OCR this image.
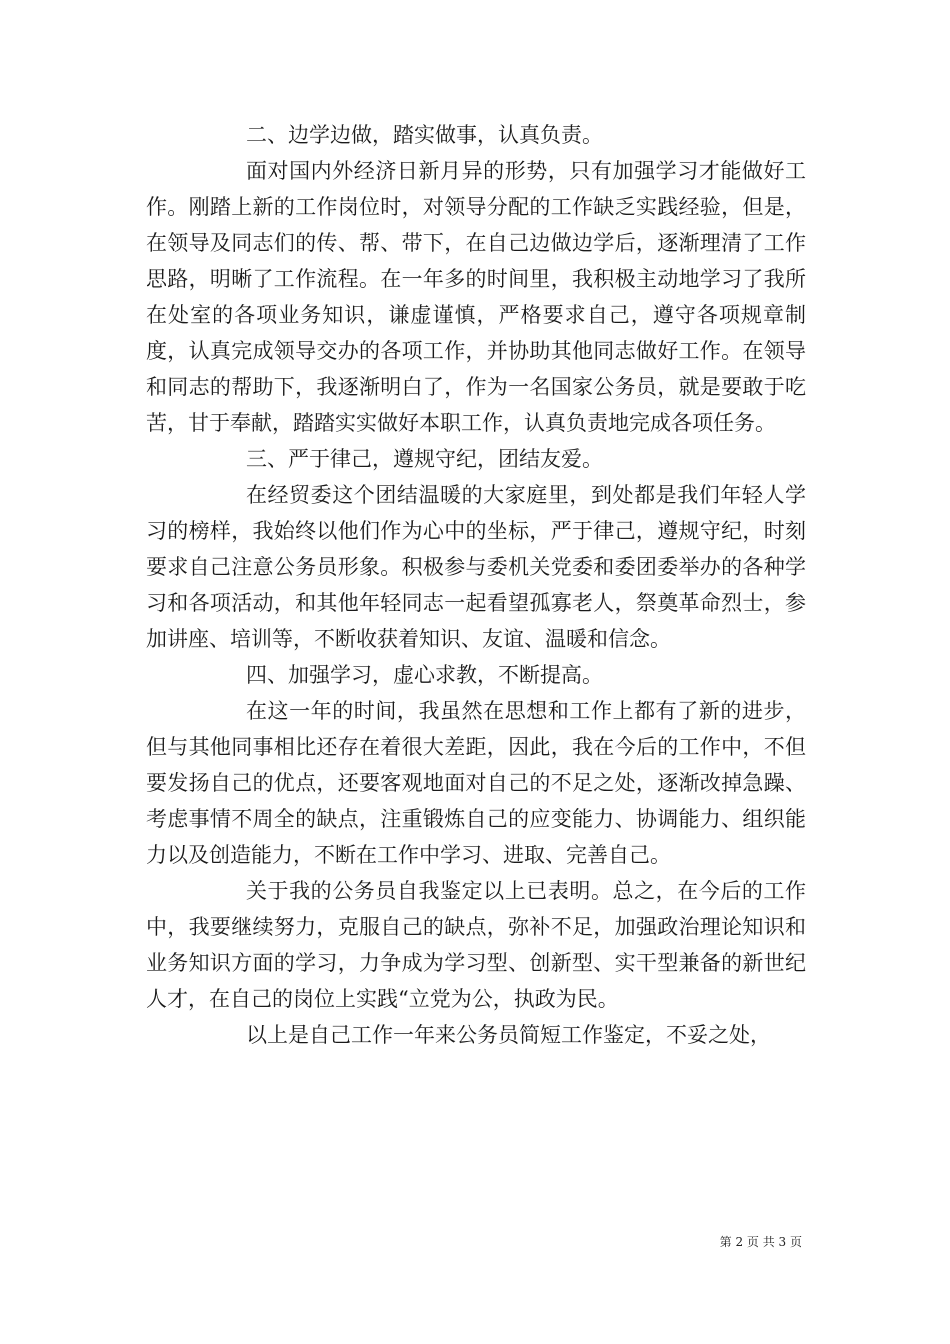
二、边学边做，踏实做事，认真负责。

面对国内外经济日新月异的形势，只有加强学习才能做好工作。刚踏上新的工作岗位时，对领导分配的工作缺乏实践经验，但是，在领导及同志们的传、帮、带下，在自己边做边学后，逐渐理清了工作思路，明晰了工作流程。在一年多的时间里，我积极主动地学习了我所在处室的各项业务知识，谦虚谨慎，严格要求自己，遵守各项规章制度，认真完成领导交办的各项工作，并协助其他同志做好工作。在领导和同志的帮助下，我逐渐明白了，作为一名国家公务员，就是要敢于吃苦，甘于奉献，踏踏实实做好本职工作，认真负责地完成各项任务。

三、严于律己，遵规守纪，团结友爱。

在经贸委这个团结温暖的大家庭里，到处都是我们年轻人学习的榜样，我始终以他们作为心中的坐标，严于律己，遵规守纪，时刻要求自己注意公务员形象。积极参与委机关党委和委团委举办的各种学习和各项活动，和其他年轻同志一起看望孤寡老人，祭奠革命烈士，参加讲座、培训等，不断收获着知识、友谊、温暖和信念。

四、加强学习，虚心求教，不断提高。

在这一年的时间，我虽然在思想和工作上都有了新的进步，但与其他同事相比还存在着很大差距，因此，我在今后的工作中，不但要发扬自己的优点，还要客观地面对自己的不足之处，逐渐改掉急躁、考虑事情不周全的缺点，注重锻炼自己的应变能力、协调能力、组织能力以及创造能力，不断在工作中学习、进取、完善自己。

关于我的公务员自我鉴定以上已表明。总之，在今后的工作中，我要继续努力，克服自己的缺点，弥补不足，加强政治理论知识和业务知识方面的学习，力争成为学习型、创新型、实干型兼备的新世纪人才，在自己的岗位上实践“立党为公，执政为民。

以上是自己工作一年来公务员简短工作鉴定，不妥之处，

第 2 页 共 3 页
